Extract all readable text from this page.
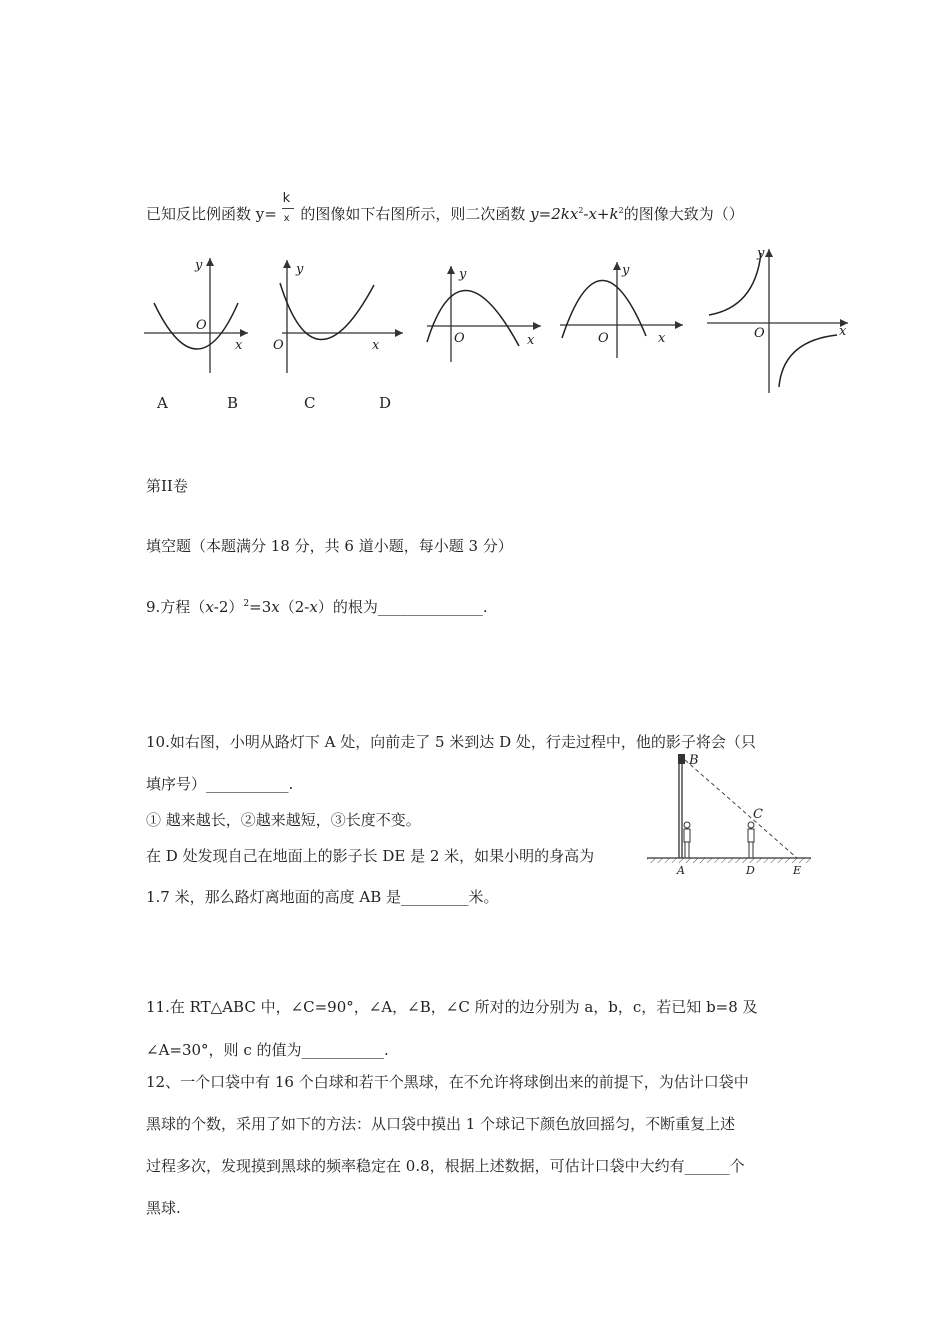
已知反比例函数 y=
k
x 的图像如下右图所示，则二次函数 $y=2kx^2-x+k^2$的图像大致为（）
y
O
x
y
O	x
y
O	x
y
O	x
y
O	x
A	B	C	D
第II卷
填空题（本题满分 18 分，共 6 道小题，每小题 3 分）
9.方程$(x-2)^2=3x(2-x)$的根为______________.
10.如右图，小明从路灯下 A 处，向前走了 5 米到达 D 处，行走过程中，他的影子将会（只
填序号）___________.
① 越来越长，②越来越短，③长度不变。
在 D 处发现自己在地面上的影子长 DE 是 2 米，如果小明的身高为
1.7 米，那么路灯离地面的高度 AB 是_________米。
B
C
A	D	E
11.在 RT△ABC 中，∠C=90°，∠A，∠B，∠C 所对的边分别为 a，b，c，若已知 b=8 及
∠A=30°，则 c 的值为___________.
12、一个口袋中有 16 个白球和若干个黑球，在不允许将球倒出来的前提下，为估计口袋中
黑球的个数，采用了如下的方法：从口袋中摸出 1 个球记下颜色放回摇匀，不断重复上述
过程多次，发现摸到黑球的频率稳定在 0.8，根据上述数据，可估计口袋中大约有______个
黑球.
